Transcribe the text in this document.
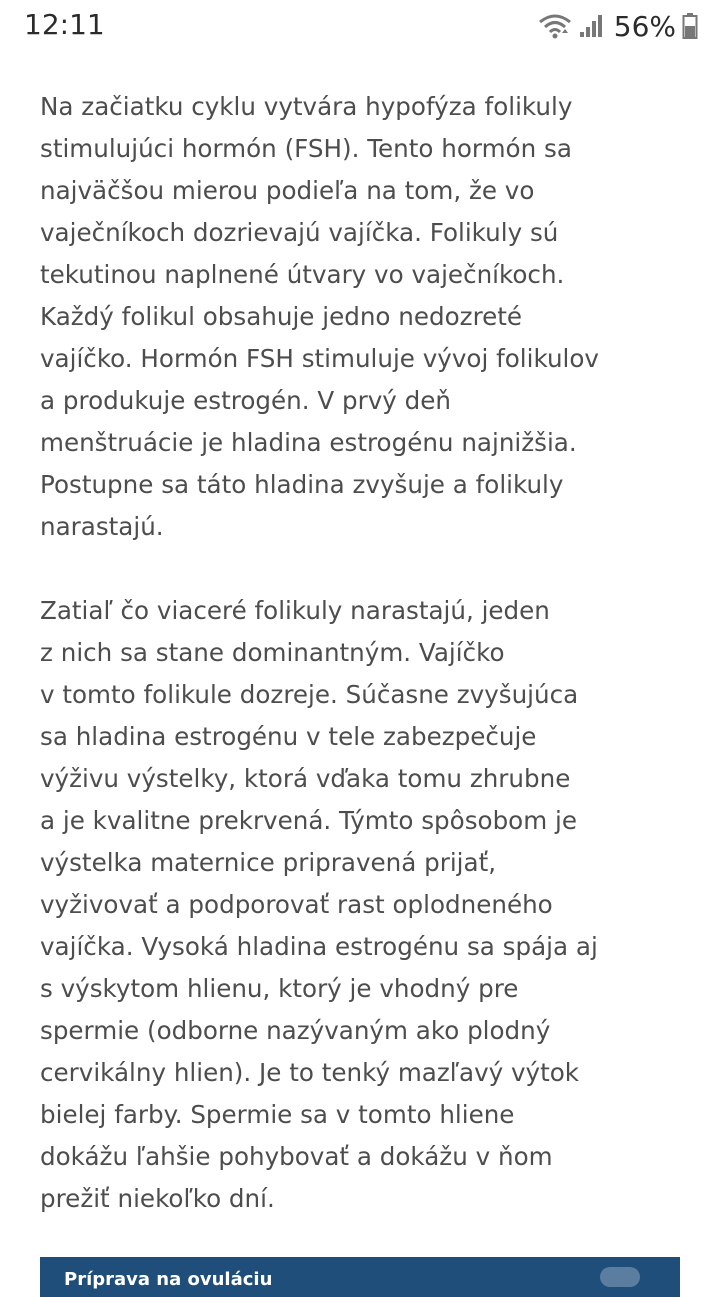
12:11	56%

Na začiatku cyklu vytvára hypofýza folikuly
stimulujúci hormón (FSH). Tento hormón sa
najväčšou mierou podieľa na tom, že vo
vaječníkoch dozrievajú vajíčka. Folikuly sú
tekutinou naplnené útvary vo vaječníkoch.
Každý folikul obsahuje jedno nedozreté
vajíčko. Hormón FSH stimuluje vývoj folikulov
a produkuje estrogén. V prvý deň
menštruácie je hladina estrogénu najnižšia.
Postupne sa táto hladina zvyšuje a folikuly
narastajú.

Zatiaľ čo viaceré folikuly narastajú, jeden
z nich sa stane dominantným. Vajíčko
v tomto folikule dozreje. Súčasne zvyšujúca
sa hladina estrogénu v tele zabezpečuje
výživu výstelky, ktorá vďaka tomu zhrubne
a je kvalitne prekrvená. Týmto spôsobom je
výstelka maternice pripravená prijať,
vyživovať a podporovať rast oplodneného
vajíčka. Vysoká hladina estrogénu sa spája aj
s výskytom hlienu, ktorý je vhodný pre
spermie (odborne nazývaným ako plodný
cervikálny hlien). Je to tenký mazľavý výtok
bielej farby. Spermie sa v tomto hliene
dokážu ľahšie pohybovať a dokážu v ňom
prežiť niekoľko dní.

Príprava na ovuláciu
